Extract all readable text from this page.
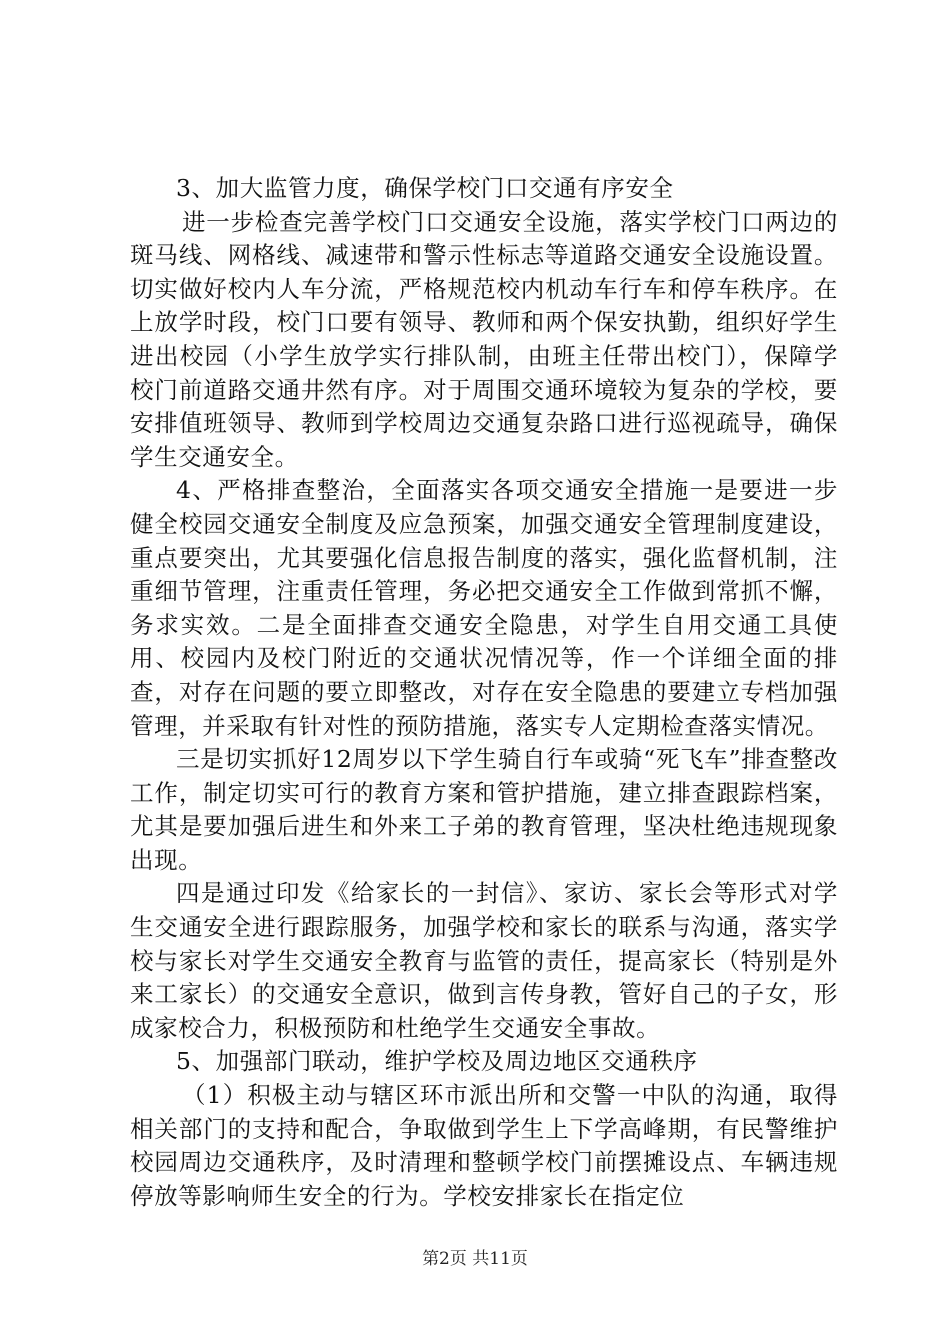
3、加大监管力度，确保学校门口交通有序安全

进一步检查完善学校门口交通安全设施，落实学校门口两边的斑马线、网格线、减速带和警示性标志等道路交通安全设施设置。切实做好校内人车分流，严格规范校内机动车行车和停车秩序。在上放学时段，校门口要有领导、教师和两个保安执勤，组织好学生进出校园（小学生放学实行排队制，由班主任带出校门），保障学校门前道路交通井然有序。对于周围交通环境较为复杂的学校，要安排值班领导、教师到学校周边交通复杂路口进行巡视疏导，确保学生交通安全。

4、严格排查整治，全面落实各项交通安全措施一是要进一步健全校园交通安全制度及应急预案，加强交通安全管理制度建设，重点要突出，尤其要强化信息报告制度的落实，强化监督机制，注重细节管理，注重责任管理，务必把交通安全工作做到常抓不懈，务求实效。二是全面排查交通安全隐患，对学生自用交通工具使用、校园内及校门附近的交通状况情况等，作一个详细全面的排查，对存在问题的要立即整改，对存在安全隐患的要建立专档加强管理，并采取有针对性的预防措施，落实专人定期检查落实情况。

三是切实抓好12周岁以下学生骑自行车或骑“死飞车”排查整改工作，制定切实可行的教育方案和管护措施，建立排查跟踪档案，尤其是要加强后进生和外来工子弟的教育管理，坚决杜绝违规现象出现。

四是通过印发《给家长的一封信》、家访、家长会等形式对学生交通安全进行跟踪服务，加强学校和家长的联系与沟通，落实学校与家长对学生交通安全教育与监管的责任，提高家长（特别是外来工家长）的交通安全意识，做到言传身教，管好自己的子女，形成家校合力，积极预防和杜绝学生交通安全事故。

5、加强部门联动，维护学校及周边地区交通秩序

（1）积极主动与辖区环市派出所和交警一中队的沟通，取得相关部门的支持和配合，争取做到学生上下学高峰期，有民警维护校园周边交通秩序，及时清理和整顿学校门前摆摊设点、车辆违规停放等影响师生安全的行为。学校安排家长在指定位

第2页 共11页
